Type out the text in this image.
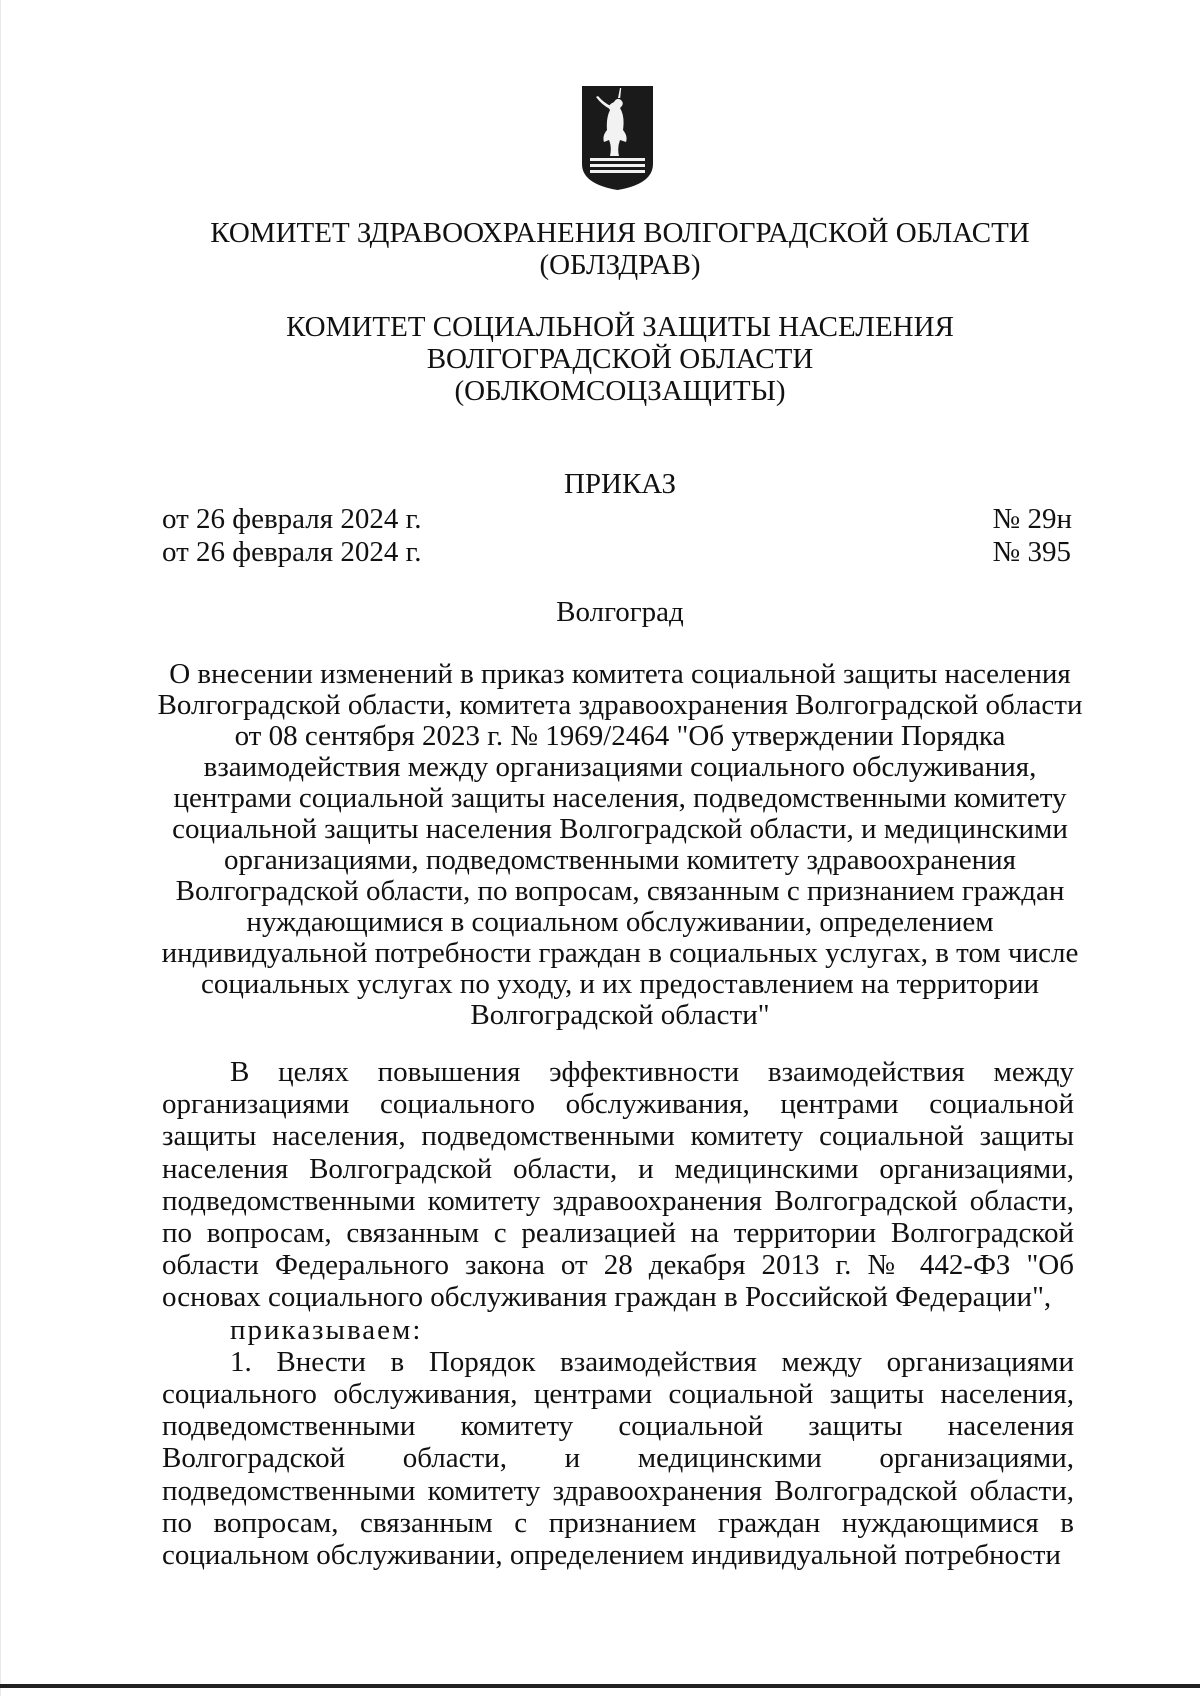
КОМИТЕТ ЗДРАВООХРАНЕНИЯ ВОЛГОГРАДСКОЙ ОБЛАСТИ
(ОБЛЗДРАВ)
КОМИТЕТ СОЦИАЛЬНОЙ ЗАЩИТЫ НАСЕЛЕНИЯ
ВОЛГОГРАДСКОЙ ОБЛАСТИ
(ОБЛКОМСОЦЗАЩИТЫ)
ПРИКАЗ
от 26 февраля 2024 г.
от 26 февраля 2024 г.
№ 29н
№ 395
Волгоград
О внесении изменений в приказ комитета социальной защиты населения
Волгоградской области, комитета здравоохранения Волгоградской области
от 08 сентября 2023 г. № 1969/2464 "Об утверждении Порядка
взаимодействия между организациями социального обслуживания,
центрами социальной защиты населения, подведомственными комитету
социальной защиты населения Волгоградской области, и медицинскими
организациями, подведомственными комитету здравоохранения
Волгоградской области, по вопросам, связанным с признанием граждан
нуждающимися в социальном обслуживании, определением
индивидуальной потребности граждан в социальных услугах, в том числе
социальных услугах по уходу, и их предоставлением на территории
Волгоградской области"

В целях повышения эффективности взаимодействия между организациями социального обслуживания, центрами социальной защиты населения, подведомственными комитету социальной защиты населения Волгоградской области, и медицинскими организациями, подведомственными комитету здравоохранения Волгоградской области, по вопросам, связанным с реализацией на территории Волгоградской области Федерального закона от 28 декабря 2013 г. № 442-ФЗ "Об основах социального обслуживания граждан в Российской Федерации",

приказываем:

1. Внести в Порядок взаимодействия между организациями социального обслуживания, центрами социальной защиты населения, подведомственными комитету социальной защиты населения Волгоградской области, и медицинскими организациями, подведомственными комитету здравоохранения Волгоградской области, по вопросам, связанным с признанием граждан нуждающимися в социальном обслуживании, определением индивидуальной потребности
